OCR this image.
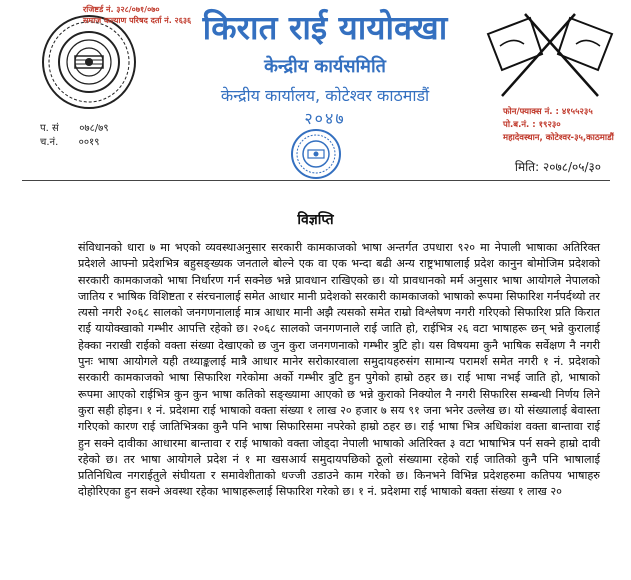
रजिष्टर्ड नं. ३२८/०७१/०७०
समाज कल्याण परिषद दर्ता नं. २६३६ किरात राई यायोक्खा
केन्द्रीय कार्यसमिति
केन्द्रीय कार्यालय, कोटेश्वर काठमाडौं
२०४७	फोन/फ्याक्स नं. : ४१५५२३५
पो.ब.नं. : १९२३०
महादेवस्थान, कोटेश्वर-३५,काठमाडौं
प. सं ०७८/७९
च.नं. ००१९
मिति: २०७८/०५/३०
विज्ञप्ति

संविधानको धारा ७ मा भएको व्यवस्थाअनुसार सरकारी कामकाजको भाषा अन्तर्गत उपधारा ९२० मा नेपाली भाषाका अतिरिक्त प्रदेशले आफ्नो प्रदेशभित्र बहुसङ्ख्यक जनताले बोल्ने एक वा एक भन्दा बढी अन्य राष्ट्रभाषालाई प्रदेश कानुन बोमोजिम प्रदेशको सरकारी कामकाजको भाषा निर्धारण गर्न सक्नेछ भन्ने प्रावधान राखिएको छ। यो प्रावधानको मर्म अनुसार भाषा आयोगले नेपालको जातिय र भाषिक विशिष्टता र संरचनालाई समेत आधार मानी प्रदेशको सरकारी कामकाजको भाषाको रूपमा सिफारिश गर्नपर्दथ्यो तर त्यसो नगरी २०६८ सालको जनगणनालाई मात्र आधार मानी अझै त्यसको समेत राम्रो विश्लेषण नगरी गरिएको सिफारिश प्रति किरात राई यायोक्खाको गम्भीर आपत्ति रहेको छ। २०६८ सालको जनगणनाले राई जाति हो, राईभित्र २६ वटा भाषाहरू छन् भन्ने कुरालाई हेक्का नराखी राईको वक्ता संख्या देखाएको छ जुन कुरा जनगणनाको गम्भीर त्रुटि हो। यस विषयमा कुनै भाषिक सर्वेक्षण नै नगरी पुनः भाषा आयोगले यही तथ्याङ्कलाई मात्रै आधार मानेर सरोकारवाला समुदायहरुसंग सामान्य परामर्श समेत नगरी १ नं. प्रदेशको सरकारी कामकाजको भाषा सिफारिश गरेकोमा अर्को गम्भीर त्रुटि हुन पुगेको हाम्रो ठहर छ। राई भाषा नभई जाति हो, भाषाको रूपमा आएको राईभित्र कुन कुन भाषा कतिको सङ्ख्यामा आएको छ भन्ने कुराको निक्योल नै नगरी सिफारिस सम्बन्धी निर्णय लिने कुरा सही होइन। १ नं. प्रदेशमा राई भाषाको वक्ता संख्या १ लाख २० हजार ७ सय ९१ जना भनेर उल्लेख छ। यो संख्यालाई बेवास्ता गरिएको कारण राई जातिभित्रका कुनै पनि भाषा सिफारिसमा नपरेको हाम्रो ठहर छ। राई भाषा भित्र अधिकांश वक्ता बान्तावा राई हुन सक्ने दावीका आधारमा बान्तावा र राई भाषाको वक्ता जोड्दा नेपाली भाषाको अतिरिक्त ३ वटा भाषाभित्र पर्न सक्ने हाम्रो दावी रहेको छ। तर भाषा आयोगले प्रदेश नं १ मा खसआर्य समुदायपछिको ठूलो संख्यामा रहेको राई जातिको कुनै पनि भाषालाई प्रतिनिधित्व नगराईतुले संघीयता र समावेशीताको धज्जी उडाउने काम गरेको छ। किनभने विभिन्न प्रदेशहरुमा कतिपय भाषाहरु दोहोरिएका हुन सक्ने अवस्था रहेका भाषाहरूलाई सिफारिश गरेको छ। १ नं. प्रदेशमा राई भाषाको बक्ता संख्या १ लाख २०
